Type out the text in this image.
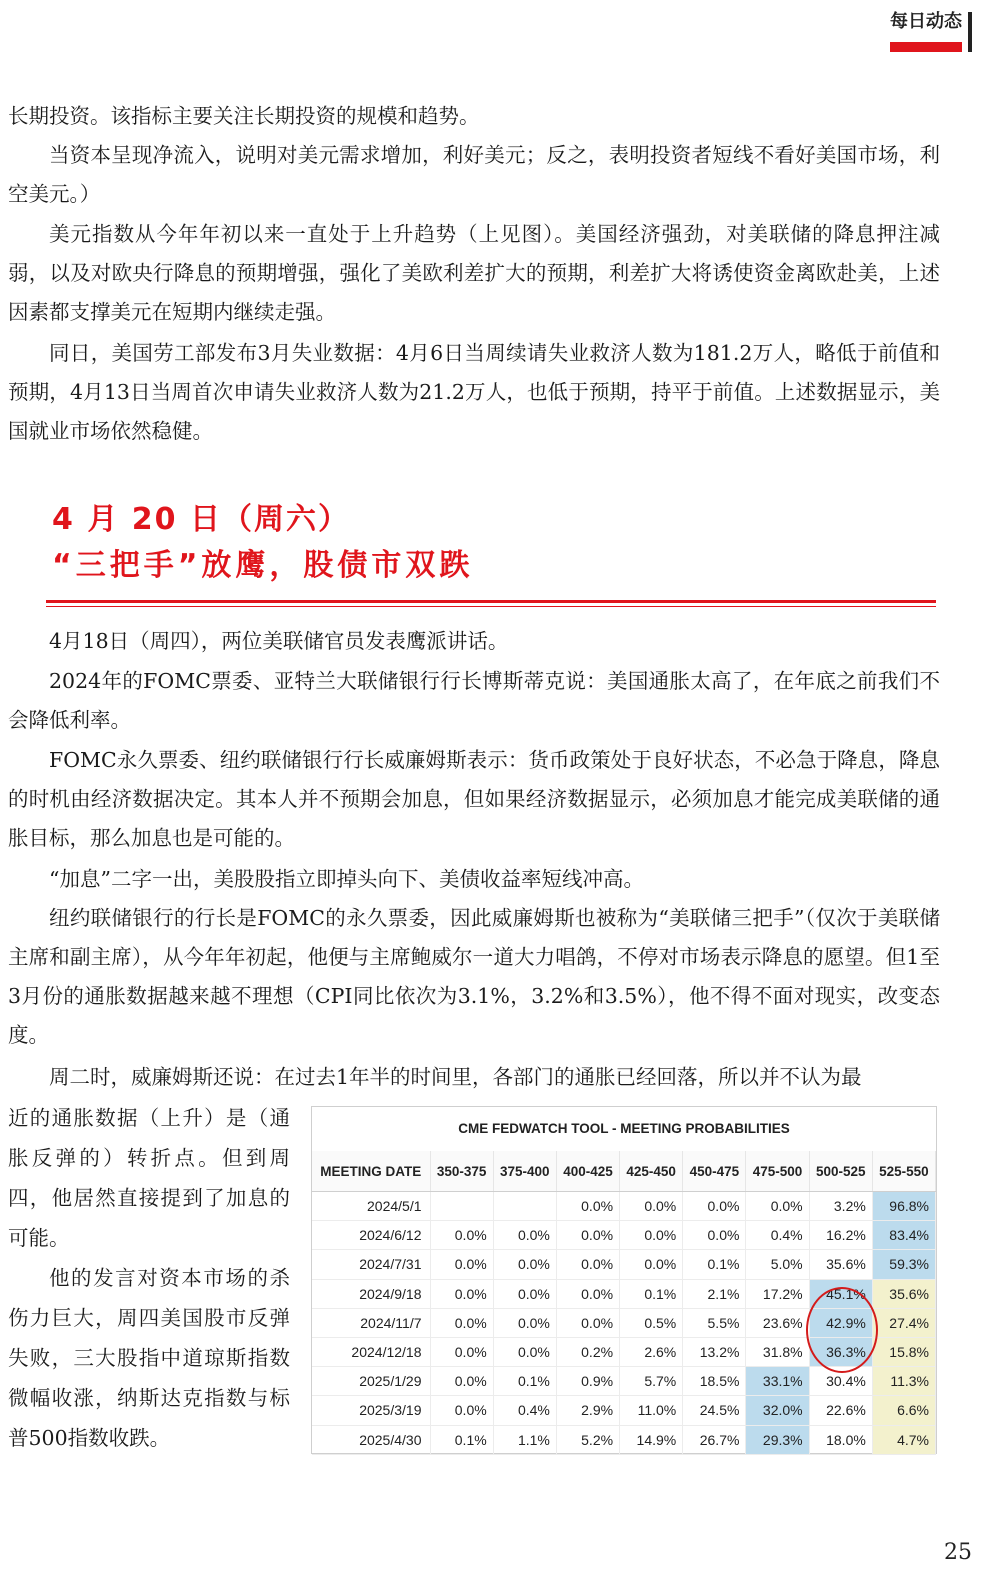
每日动态

长期投资。该指标主要关注长期投资的规模和趋势。

当资本呈现净流入，说明对美元需求增加，利好美元；反之，表明投资者短线不看好美国市场，利空美元。）

美元指数从今年年初以来一直处于上升趋势（上见图）。美国经济强劲，对美联储的降息押注减弱，以及对欧央行降息的预期增强，强化了美欧利差扩大的预期，利差扩大将诱使资金离欧赴美，上述因素都支撑美元在短期内继续走强。

同日，美国劳工部发布3月失业数据：4月6日当周续请失业救济人数为181.2万人，略低于前值和预期，4月13日当周首次申请失业救济人数为21.2万人，也低于预期，持平于前值。上述数据显示，美国就业市场依然稳健。

4 月 20 日（周六）
“三把手”放鹰，股债市双跌

4月18日（周四），两位美联储官员发表鹰派讲话。

2024年的FOMC票委、亚特兰大联储银行行长博斯蒂克说：美国通胀太高了，在年底之前我们不会降低利率。

FOMC永久票委、纽约联储银行行长威廉姆斯表示：货币政策处于良好状态，不必急于降息，降息的时机由经济数据决定。其本人并不预期会加息，但如果经济数据显示，必须加息才能完成美联储的通胀目标，那么加息也是可能的。

“加息”二字一出，美股股指立即掉头向下、美债收益率短线冲高。

纽约联储银行的行长是FOMC的永久票委，因此威廉姆斯也被称为“美联储三把手”（仅次于美联储主席和副主席），从今年年初起，他便与主席鲍威尔一道大力唱鸽，不停对市场表示降息的愿望。但1至3月份的通胀数据越来越不理想（CPI同比依次为3.1%，3.2%和3.5%），他不得不面对现实，改变态度。

周二时，威廉姆斯还说：在过去1年半的时间里，各部门的通胀已经回落，所以并不认为最

近的通胀数据（上升）是（通胀反弹的）转折点。但到周四，他居然直接提到了加息的可能。

他的发言对资本市场的杀伤力巨大，周四美国股市反弹失败，三大股指中道琼斯指数微幅收涨，纳斯达克指数与标普500指数收跌。

CME FEDWATCH TOOL - MEETING PROBABILITIES
MEETING DATE	350-375	375-400	400-425	425-450	450-475	475-500	500-525	525-550
2024/5/1			0.0%	0.0%	0.0%	0.0%	3.2%	96.8%
2024/6/12	0.0%	0.0%	0.0%	0.0%	0.0%	0.4%	16.2%	83.4%
2024/7/31	0.0%	0.0%	0.0%	0.0%	0.1%	5.0%	35.6%	59.3%
2024/9/18	0.0%	0.0%	0.0%	0.1%	2.1%	17.2%	45.1%	35.6%
2024/11/7	0.0%	0.0%	0.0%	0.5%	5.5%	23.6%	42.9%	27.4%
2024/12/18	0.0%	0.0%	0.2%	2.6%	13.2%	31.8%	36.3%	15.8%
2025/1/29	0.0%	0.1%	0.9%	5.7%	18.5%	33.1%	30.4%	11.3%
2025/3/19	0.0%	0.4%	2.9%	11.0%	24.5%	32.0%	22.6%	6.6%
2025/4/30	0.1%	1.1%	5.2%	14.9%	26.7%	29.3%	18.0%	4.7%
25
